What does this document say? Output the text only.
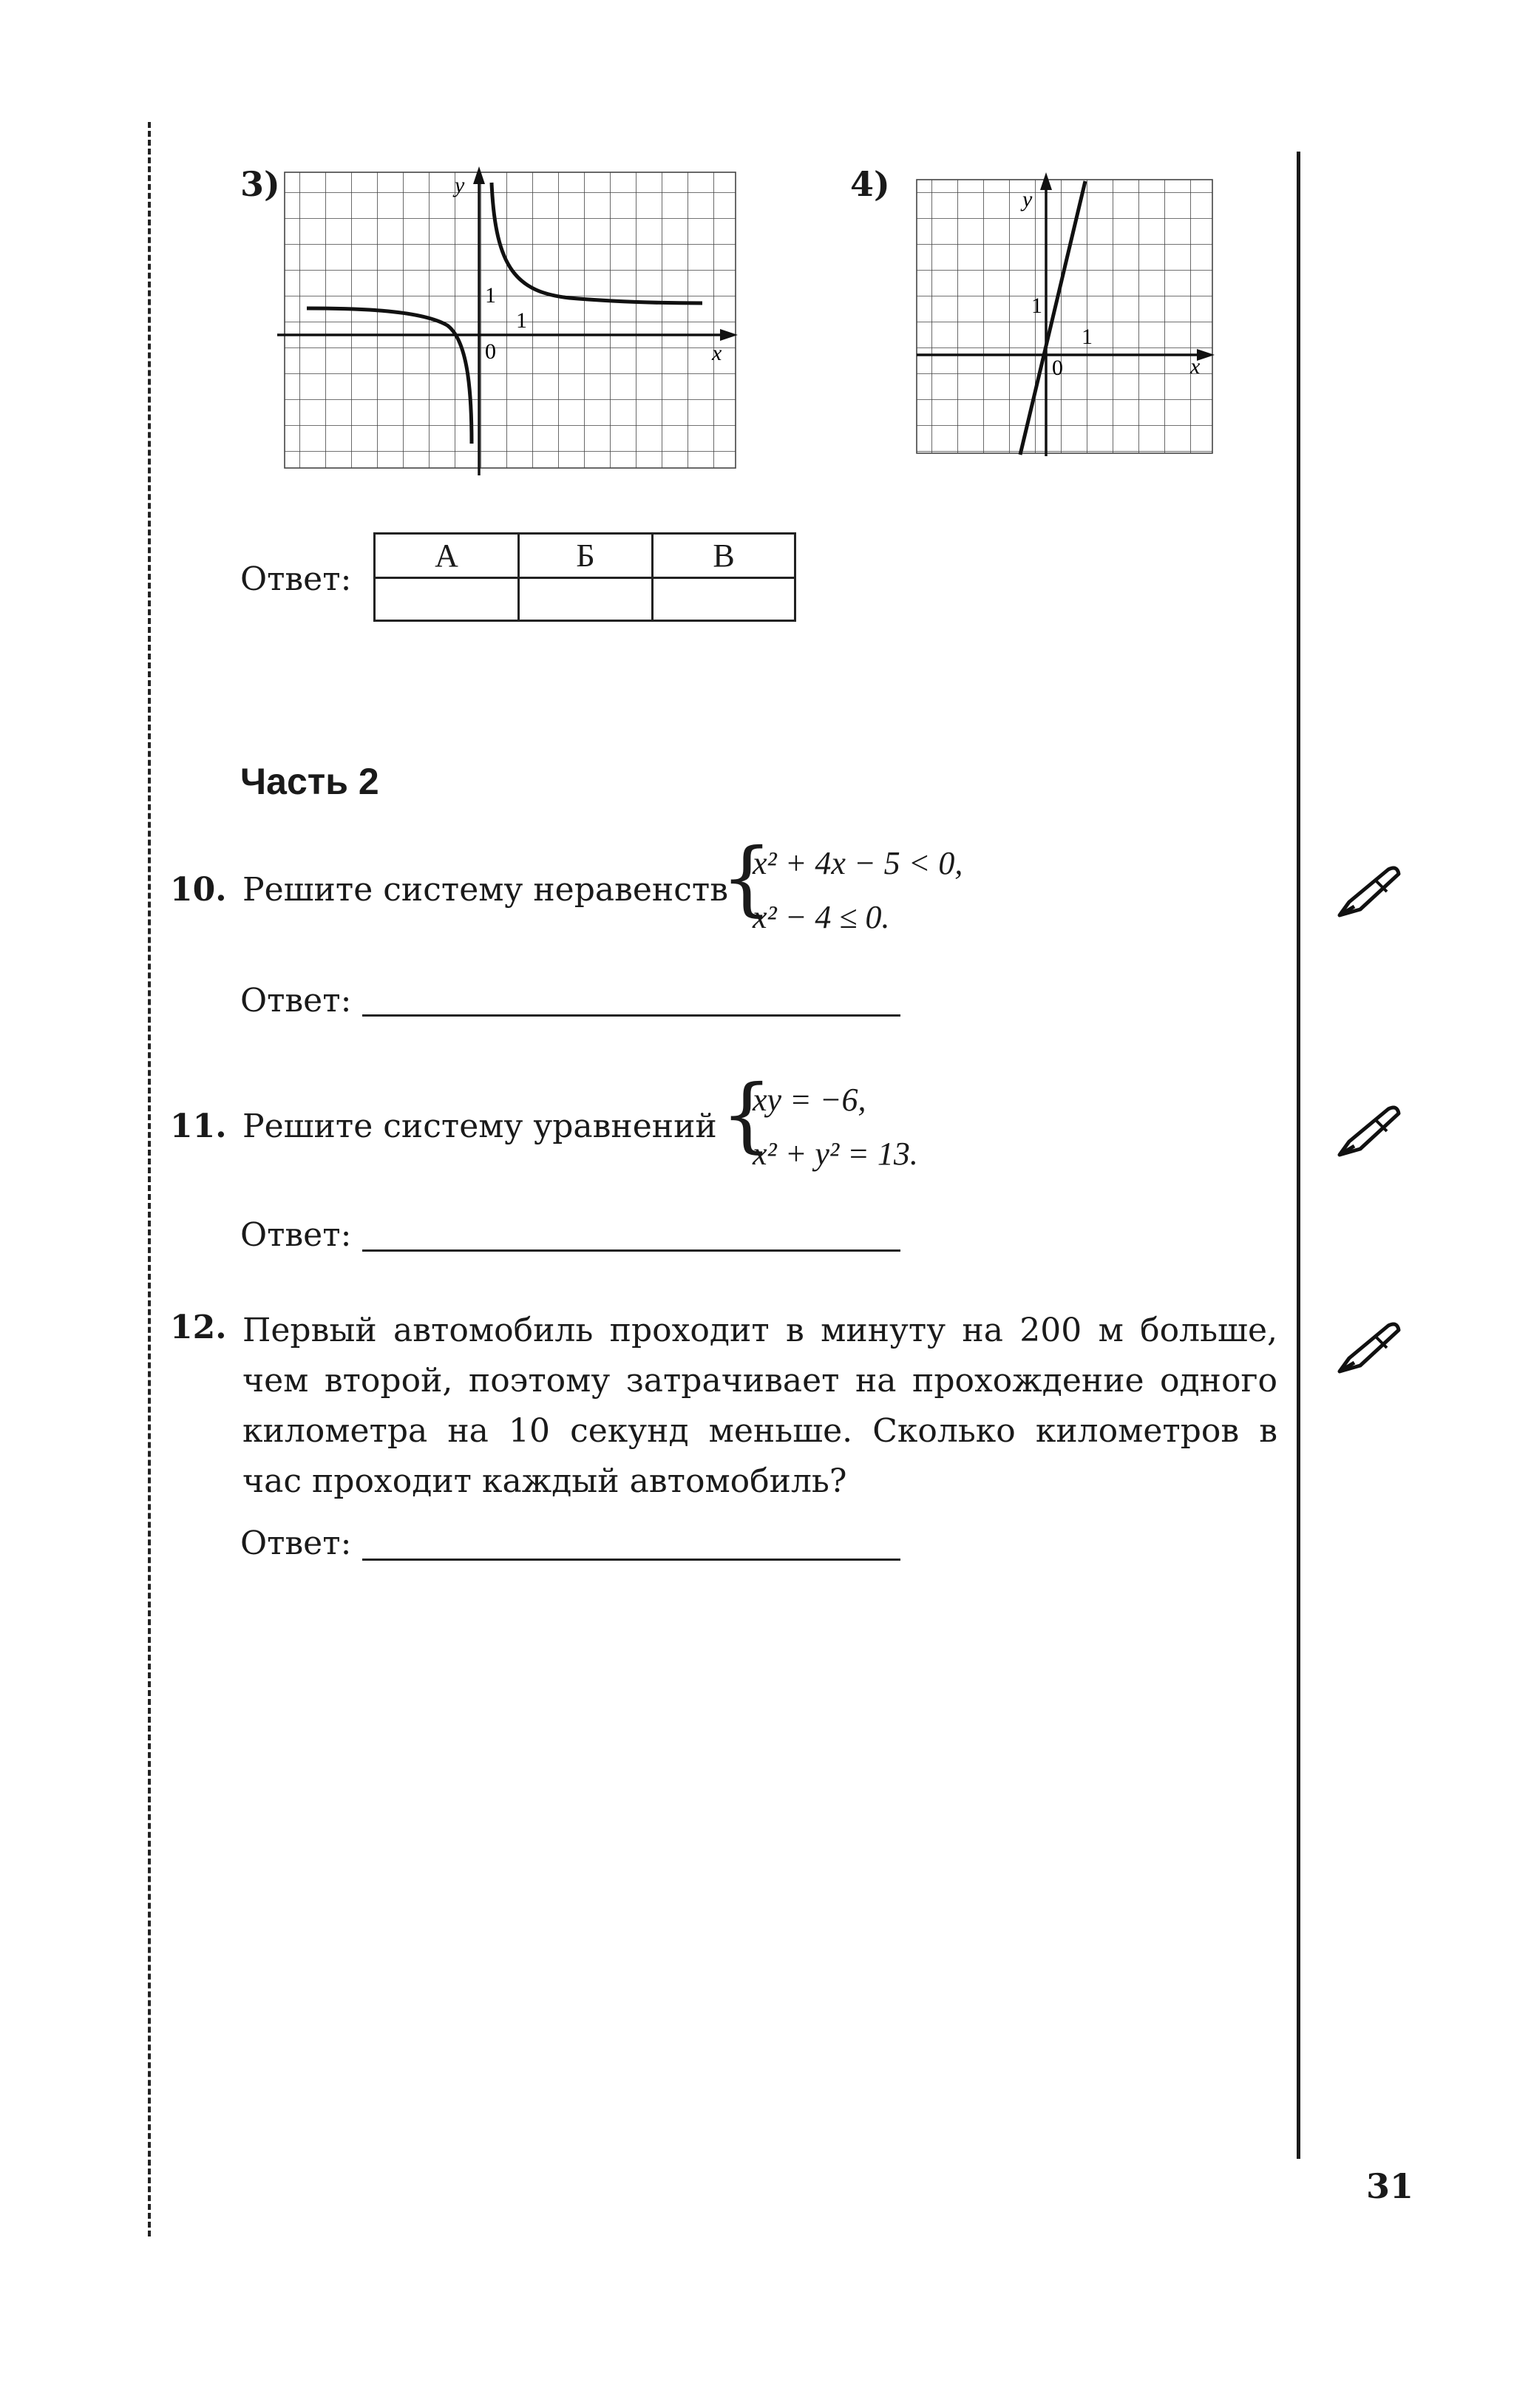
3)	y
x
0
1
1
4)	y
x
0
1
1
Ответ:
А	Б	В

Часть 2
10. Решите систему неравенств
{
x² + 4x − 5 < 0,
x² − 4 ≤ 0.
Ответ:
11. Решите систему уравнений {
xy = −6,
x² + y² = 13.
Ответ:
12. Первый автомобиль проходит в минуту на 200 м больше, чем второй, поэтому затрачивает на прохождение одного километра на 10 секунд меньше. Сколько километров в час проходит каждый автомобиль?
Ответ:
31
